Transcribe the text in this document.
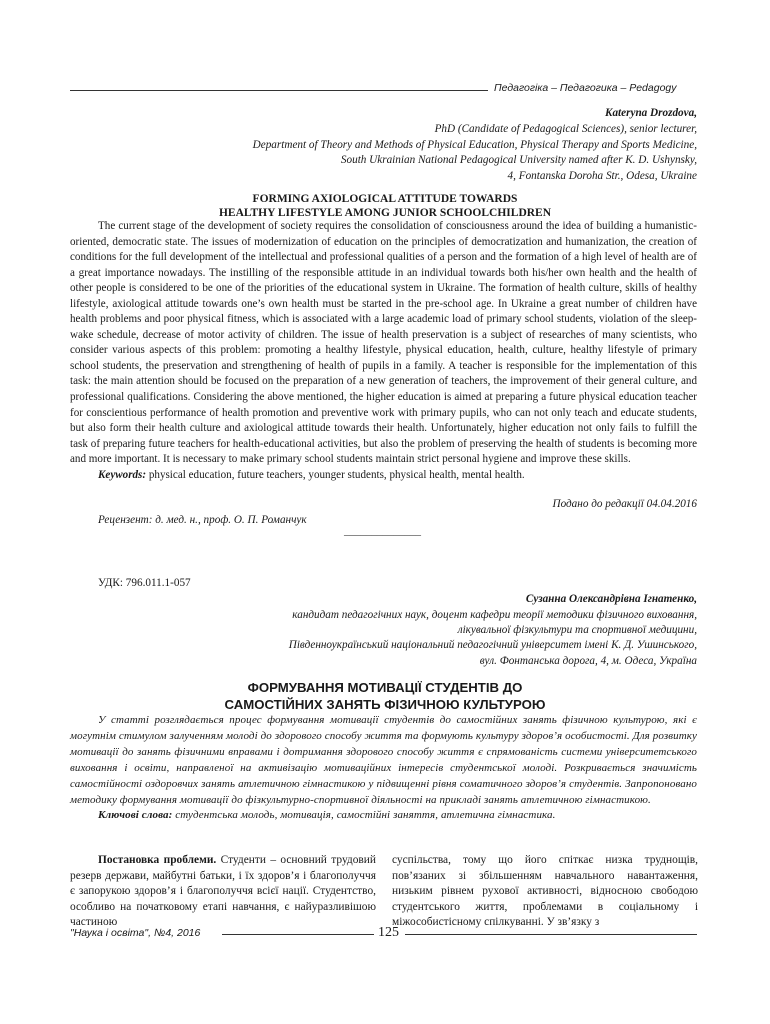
Педагогіка – Педагогика – Pedagogy
Kateryna Drozdova,
PhD (Candidate of Pedagogical Sciences), senior lecturer,
Department of Theory and Methods of Physical Education, Physical Therapy and Sports Medicine,
South Ukrainian National Pedagogical University named after K. D. Ushynsky,
4, Fontanska Doroha Str., Odesa, Ukraine
FORMING AXIOLOGICAL ATTITUDE TOWARDS
HEALTHY LIFESTYLE AMONG JUNIOR SCHOOLCHILDREN

The current stage of the development of society requires the consolidation of consciousness around the idea of building a humanistic-oriented, democratic state. The issues of modernization of education on the principles of democratization and humanization, the creation of conditions for the full development of the intellectual and professional qualities of a person and the formation of a high level of health are of a great importance nowadays. The instilling of the responsible attitude in an individual towards both his/her own health and the health of other people is considered to be one of the priorities of the educational system in Ukraine. The formation of health culture, skills of healthy lifestyle, axiological attitude towards one’s own health must be started in the pre-school age. In Ukraine a great number of children have health problems and poor physical fitness, which is associated with a large academic load of primary school students, violation of the sleep-wake schedule, decrease of motor activity of children. The issue of health preservation is a subject of researches of many scientists, who consider various aspects of this problem: promoting a healthy lifestyle, physical education, health, culture, healthy lifestyle of primary school students, the preservation and strengthening of health of pupils in a family. A teacher is responsible for the implementation of this task: the main attention should be focused on the preparation of a new generation of teachers, the improvement of their general culture, and professional qualifications. Considering the above mentioned, the higher education is aimed at preparing a future physical education teacher for conscientious performance of health promotion and preventive work with primary pupils, who can not only teach and educate students, but also form their health culture and axiological attitude towards their health. Unfortunately, higher education not only fails to fulfill the task of preparing future teachers for health-educational activities, but also the problem of preserving the health of students is becoming more and more important. It is necessary to make primary school students maintain strict personal hygiene and improve these skills.

Keywords: physical education, future teachers, younger students, physical health, mental health.

Подано до редакції 04.04.2016
Рецензент: д. мед. н., проф. О. П. Романчук
______________
УДК: 796.011.1-057
Сузанна Олександрівна Ігнатенко,
кандидат педагогічних наук, доцент кафедри теорії методики фізичного виховання,
лікувальної фізкультури та спортивної медицини,
Південноукраїнський національний педагогічний університет імені К. Д. Ушинського,
вул. Фонтанська дорога, 4, м. Одеса, Україна
ФОРМУВАННЯ МОТИВАЦІЇ СТУДЕНТІВ ДО
САМОСТІЙНИХ ЗАНЯТЬ ФІЗИЧНОЮ КУЛЬТУРОЮ

У статті розглядається процес формування мотивації студентів до самостійних занять фізичною культурою, які є могутнім стимулом залученням молоді до здорового способу життя та формують культуру здоров’я особистості. Для розвитку мотивації до занять фізичними вправами і дотримання здорового способу життя є спрямованість системи університетського виховання і освіти, направленої на активізацію мотиваційних інтересів студентської молоді. Розкривається значимість самостійності оздоровчих занять атлетичною гімнастикою у підвищенні рівня соматичного здоров’я студентів. Запропоновано методику формування мотивації до фізкультурно-спортивної діяльності на прикладі занять атлетичною гімнастикою.

Ключові слова: студентська молодь, мотивація, самостійні заняття, атлетична гімнастика.

Постановка проблеми. Студенти – основний трудовий резерв держави, майбутні батьки, і їх здоров’я і благополуччя є запорукою здоров’я і благополуччя всієї нації. Студентство, особливо на початковому етапі навчання, є найуразливішою частиною

суспільства, тому що його спіткає низка труднощів, пов’язаних зі збільшенням навчального навантаження, низьким рівнем рухової активності, відносною свободою студентського життя, проблемами в соціальному і міжособистісному спілкуванні. У зв’язку з

"Наука і освіта", №4, 2016	125
